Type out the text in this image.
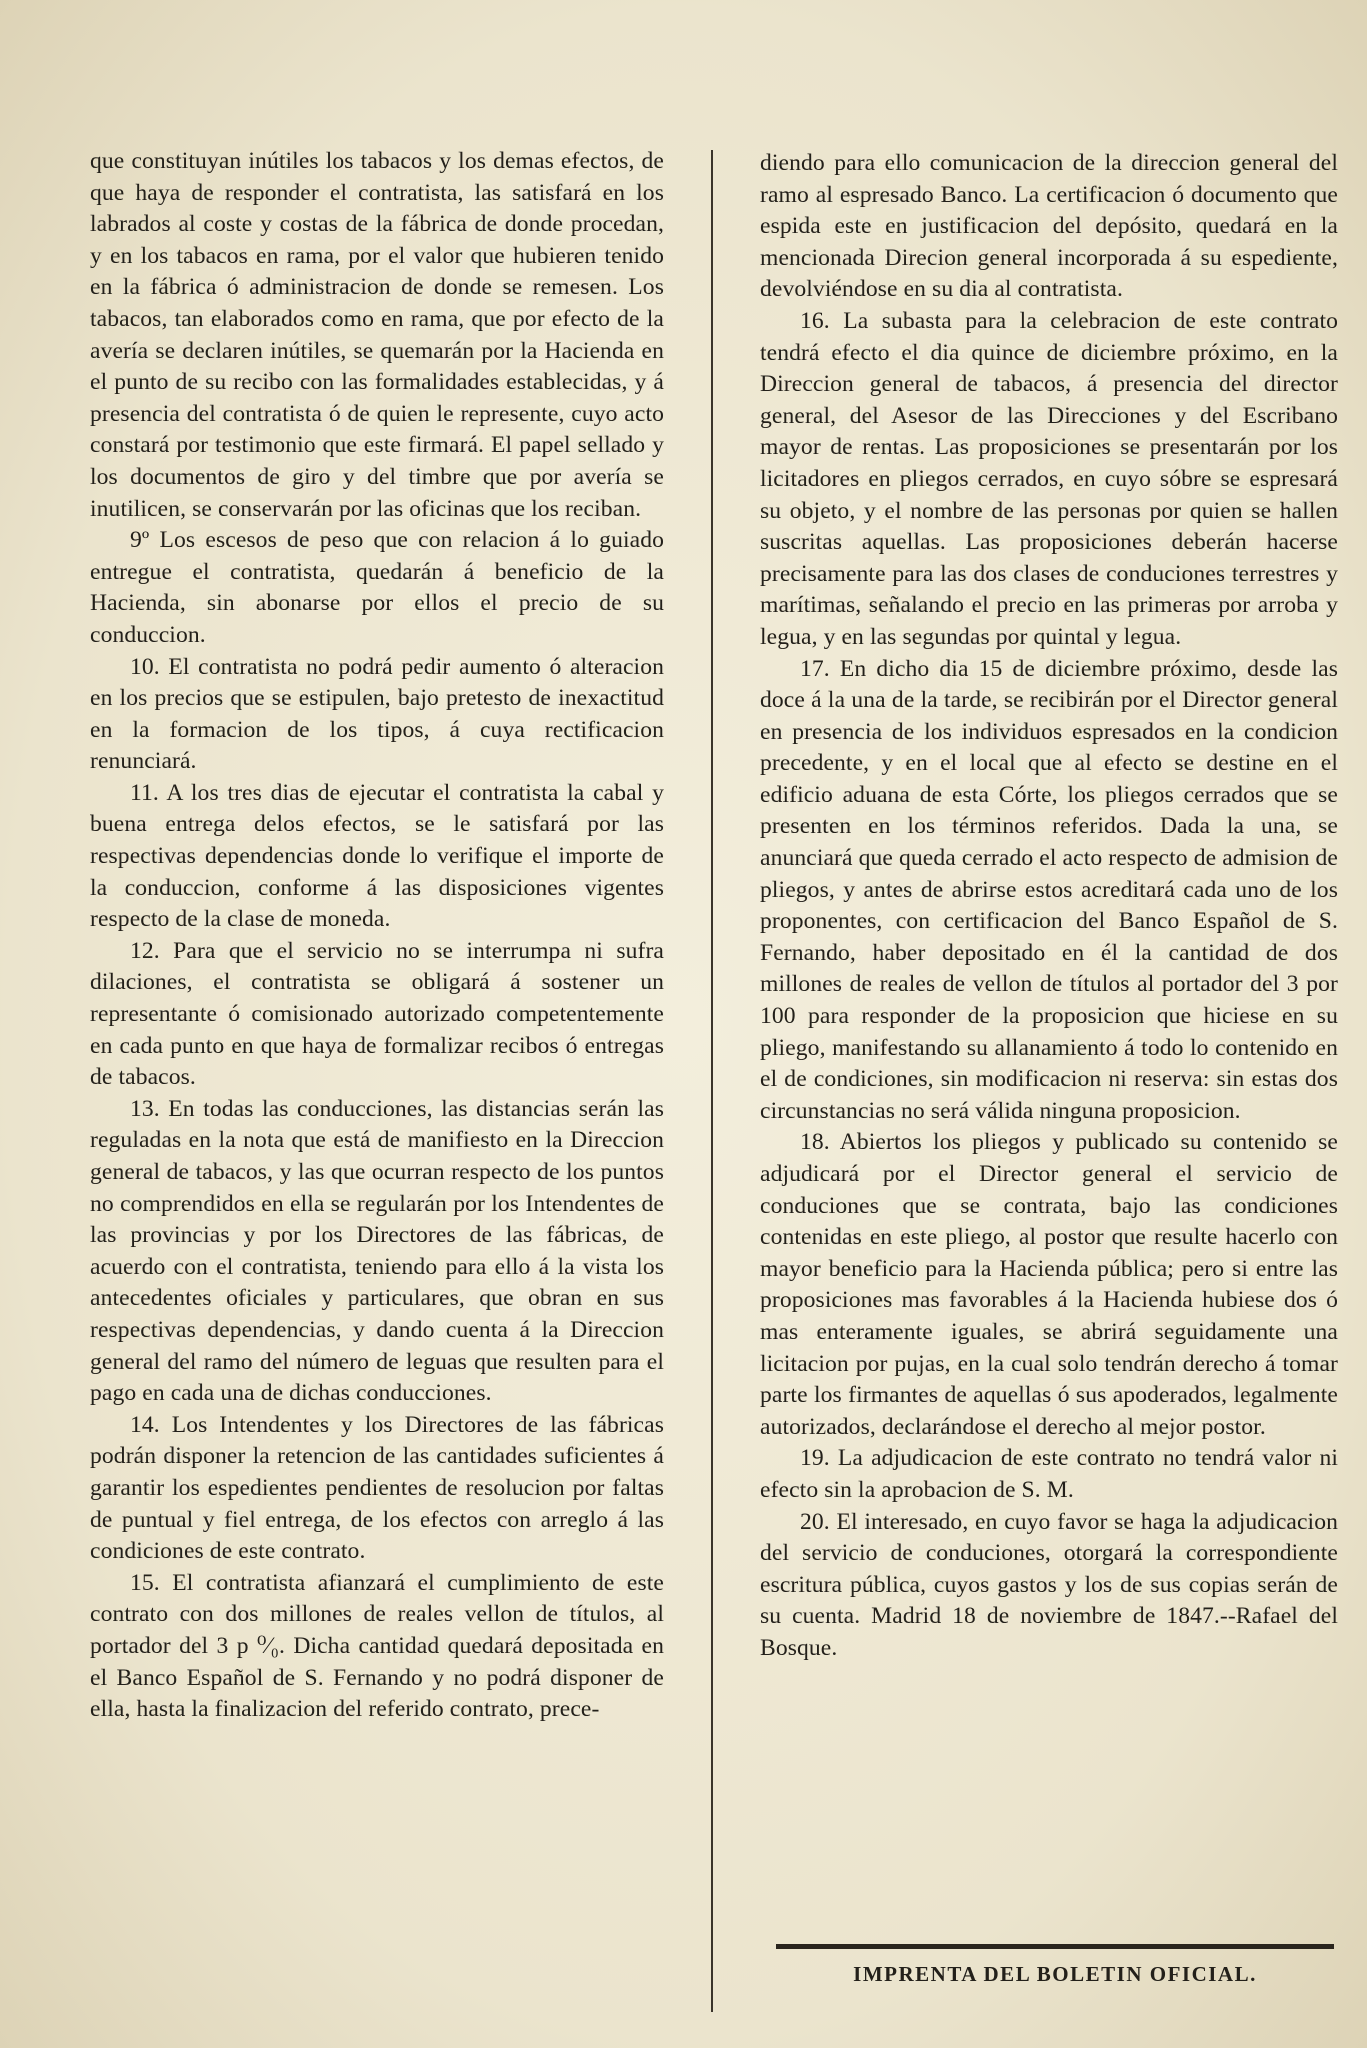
que constituyan inútiles los tabacos y los demas efectos, de que haya de responder el contratista, las satisfará en los labrados al coste y costas de la fábrica de donde procedan, y en los tabacos en rama, por el valor que hubieren tenido en la fábrica ó administracion de donde se remesen. Los tabacos, tan elaborados como en rama, que por efecto de la avería se declaren inútiles, se quemarán por la Hacienda en el punto de su recibo con las formalidades establecidas, y á presencia del contratista ó de quien le represente, cuyo acto constará por testimonio que este firmará. El papel sellado y los documentos de giro y del timbre que por avería se inutilicen, se conservarán por las oficinas que los reciban.

9º Los escesos de peso que con relacion á lo guiado entregue el contratista, quedarán á beneficio de la Hacienda, sin abonarse por ellos el precio de su conduccion.

10. El contratista no podrá pedir aumento ó alteracion en los precios que se estipulen, bajo pretesto de inexactitud en la formacion de los tipos, á cuya rectificacion renunciará.

11. A los tres dias de ejecutar el contratista la cabal y buena entrega delos efectos, se le satisfará por las respectivas dependencias donde lo verifique el importe de la conduccion, conforme á las disposiciones vigentes respecto de la clase de moneda.

12. Para que el servicio no se interrumpa ni sufra dilaciones, el contratista se obligará á sostener un representante ó comisionado autorizado competentemente en cada punto en que haya de formalizar recibos ó entregas de tabacos.

13. En todas las conducciones, las distancias serán las reguladas en la nota que está de manifiesto en la Direccion general de tabacos, y las que ocurran respecto de los puntos no comprendidos en ella se regularán por los Intendentes de las provincias y por los Directores de las fábricas, de acuerdo con el contratista, teniendo para ello á la vista los antecedentes oficiales y particulares, que obran en sus respectivas dependencias, y dando cuenta á la Direccion general del ramo del número de leguas que resulten para el pago en cada una de dichas conducciones.

14. Los Intendentes y los Directores de las fábricas podrán disponer la retencion de las cantidades suficientes á garantir los espedientes pendientes de resolucion por faltas de puntual y fiel entrega, de los efectos con arreglo á las condiciones de este contrato.

15. El contratista afianzará el cumplimiento de este contrato con dos millones de reales vellon de títulos, al portador del 3 p ⁰⁄₀. Dicha cantidad quedará depositada en el Banco Español de S. Fernando y no podrá disponer de ella, hasta la finalizacion del referido contrato, prece-

diendo para ello comunicacion de la direccion general del ramo al espresado Banco. La certificacion ó documento que espida este en justificacion del depósito, quedará en la mencionada Direcion general incorporada á su espediente, devolviéndose en su dia al contratista.

16. La subasta para la celebracion de este contrato tendrá efecto el dia quince de diciembre próximo, en la Direccion general de tabacos, á presencia del director general, del Asesor de las Direcciones y del Escribano mayor de rentas. Las proposiciones se presentarán por los licitadores en pliegos cerrados, en cuyo sóbre se espresará su objeto, y el nombre de las personas por quien se hallen suscritas aquellas. Las proposiciones deberán hacerse precisamente para las dos clases de conduciones terrestres y marítimas, señalando el precio en las primeras por arroba y legua, y en las segundas por quintal y legua.

17. En dicho dia 15 de diciembre próximo, desde las doce á la una de la tarde, se recibirán por el Director general en presencia de los individuos espresados en la condicion precedente, y en el local que al efecto se destine en el edificio aduana de esta Córte, los pliegos cerrados que se presenten en los términos referidos. Dada la una, se anunciará que queda cerrado el acto respecto de admision de pliegos, y antes de abrirse estos acreditará cada uno de los proponentes, con certificacion del Banco Español de S. Fernando, haber depositado en él la cantidad de dos millones de reales de vellon de títulos al portador del 3 por 100 para responder de la proposicion que hiciese en su pliego, manifestando su allanamiento á todo lo contenido en el de condiciones, sin modificacion ni reserva: sin estas dos circunstancias no será válida ninguna proposicion.

18. Abiertos los pliegos y publicado su contenido se adjudicará por el Director general el servicio de conduciones que se contrata, bajo las condiciones contenidas en este pliego, al postor que resulte hacerlo con mayor beneficio para la Hacienda pública; pero si entre las proposiciones mas favorables á la Hacienda hubiese dos ó mas enteramente iguales, se abrirá seguidamente una licitacion por pujas, en la cual solo tendrán derecho á tomar parte los firmantes de aquellas ó sus apoderados, legalmente autorizados, declarándose el derecho al mejor postor.

19. La adjudicacion de este contrato no tendrá valor ni efecto sin la aprobacion de S. M.

20. El interesado, en cuyo favor se haga la adjudicacion del servicio de conduciones, otorgará la correspondiente escritura pública, cuyos gastos y los de sus copias serán de su cuenta. Madrid 18 de noviembre de 1847.--Rafael del Bosque.

IMPRENTA DEL BOLETIN OFICIAL.
